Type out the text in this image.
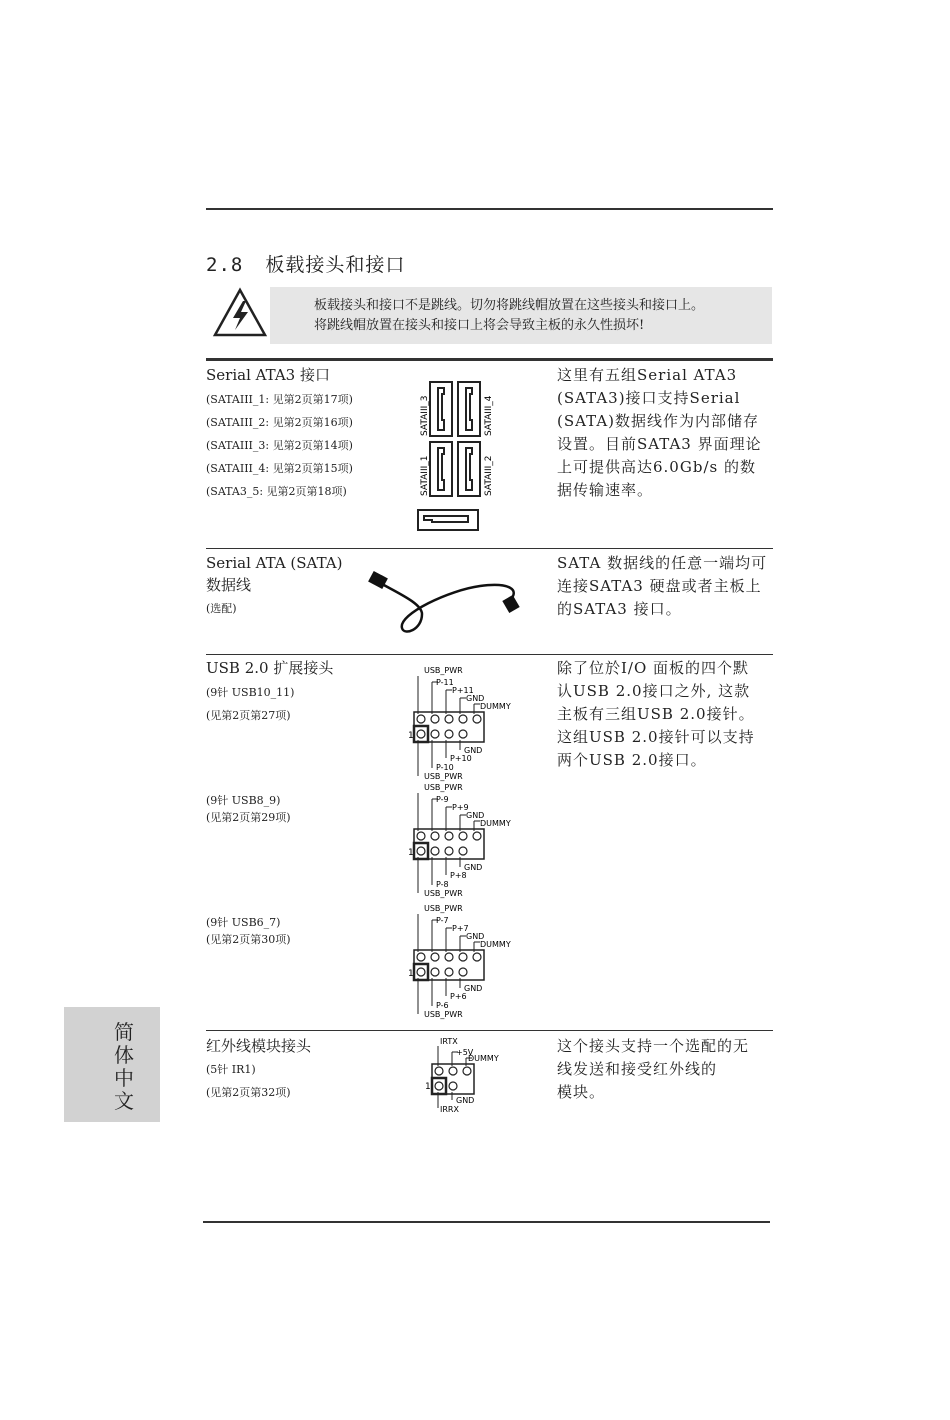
2.8 板载接头和接口
板载接头和接口不是跳线。切勿将跳线帽放置在这些接头和接口上。
将跳线帽放置在接头和接口上将会导致主板的永久性损坏!
Serial ATA3 接口
(SATAIII_1: 见第2页第17项)
(SATAIII_2: 见第2页第16项)
(SATAIII_3: 见第2页第14项)
(SATAIII_4: 见第2页第15项)
(SATA3_5: 见第2页第18项)
SATAIII_3	SATAIII_4
SATAIII_1	SATAIII_2
这里有五组Serial ATA3
(SATA3)接口支持Serial
(SATA)数据线作为内部储存
设置。目前SATA3 界面理论
上可提供高达6.0Gb/s 的数
据传输速率。
Serial ATA (SATA)
数据线
(选配)
SATA 数据线的任意一端均可
连接SATA3 硬盘或者主板上
的SATA3 接口。
USB 2.0 扩展接头
(9针 USB10_11)
(见第2页第27项)
(9针 USB8_9)
(见第2页第29项)
(9针 USB6_7)
(见第2页第30项)
1
USB_PWR
P-11
P+11
GND
DUMMY
GND
P+10
P-10
USB_PWR
1
USB_PWR
P-9
P+9
GND
DUMMY
GND
P+8
P-8
USB_PWR
1
USB_PWR
P-7
P+7
GND
DUMMY
GND
P+6
P-6
USB_PWR
除了位於I/O 面板的四个默
认USB 2.0接口之外, 这款
主板有三组USB 2.0接针。
这组USB 2.0接针可以支持
两个USB 2.0接口。
红外线模块接头
(5针 IR1)
(见第2页第32项)	1
IRTX
+5V
DUMMY
GND
IRRX
这个接头支持一个选配的无
线发送和接受红外线的
模块。
简体中文
